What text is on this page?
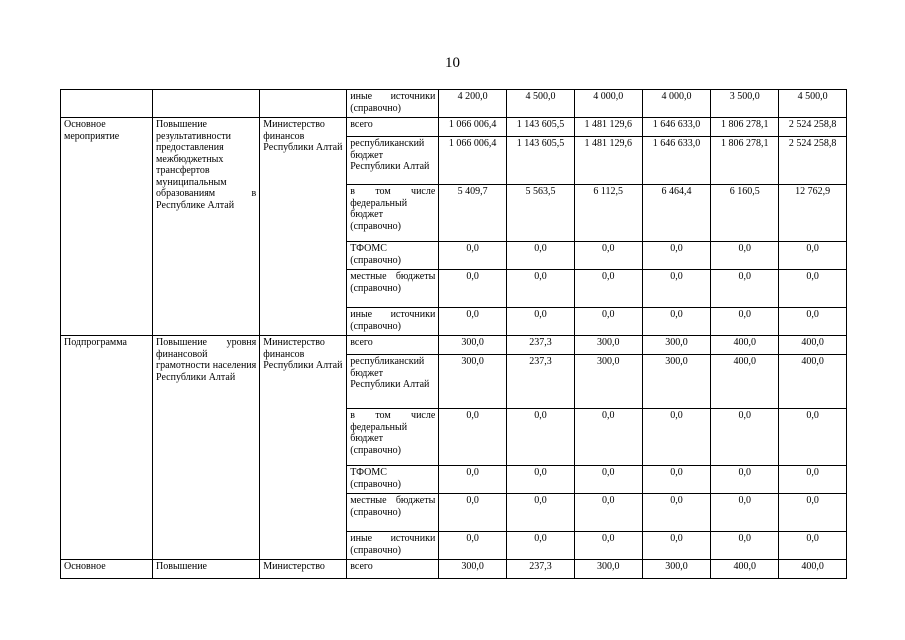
10
			иные источники (справочно)	4 200,0	4 500,0	4 000,0	4 000,0	3 500,0	4 500,0
Основное мероприятие	Повышение результативности предоставления межбюджетных трансфертов муниципальным образованиям в Республике Алтай	Министерство финансов Республики Алтай	всего	1 066 006,4	1 143 605,5	1 481 129,6	1 646 633,0	1 806 278,1	2 524 258,8
			республиканский бюджет Республики Алтай	1 066 006,4	1 143 605,5	1 481 129,6	1 646 633,0	1 806 278,1	2 524 258,8
			в том числе федеральный бюджет (справочно)	5 409,7	5 563,5	6 112,5	6 464,4	6 160,5	12 762,9
			ТФОМС (справочно)	0,0	0,0	0,0	0,0	0,0	0,0
			местные бюджеты (справочно)	0,0	0,0	0,0	0,0	0,0	0,0
			иные источники (справочно)	0,0	0,0	0,0	0,0	0,0	0,0
Подпрограмма	Повышение уровня финансовой грамотности населения Республики Алтай	Министерство финансов Республики Алтай	всего	300,0	237,3	300,0	300,0	400,0	400,0
			республиканский бюджет Республики Алтай	300,0	237,3	300,0	300,0	400,0	400,0
			в том числе федеральный бюджет (справочно)	0,0	0,0	0,0	0,0	0,0	0,0
			ТФОМС (справочно)	0,0	0,0	0,0	0,0	0,0	0,0
			местные бюджеты (справочно)	0,0	0,0	0,0	0,0	0,0	0,0
			иные источники (справочно)	0,0	0,0	0,0	0,0	0,0	0,0
Основное	Повышение	Министерство	всего	300,0	237,3	300,0	300,0	400,0	400,0
